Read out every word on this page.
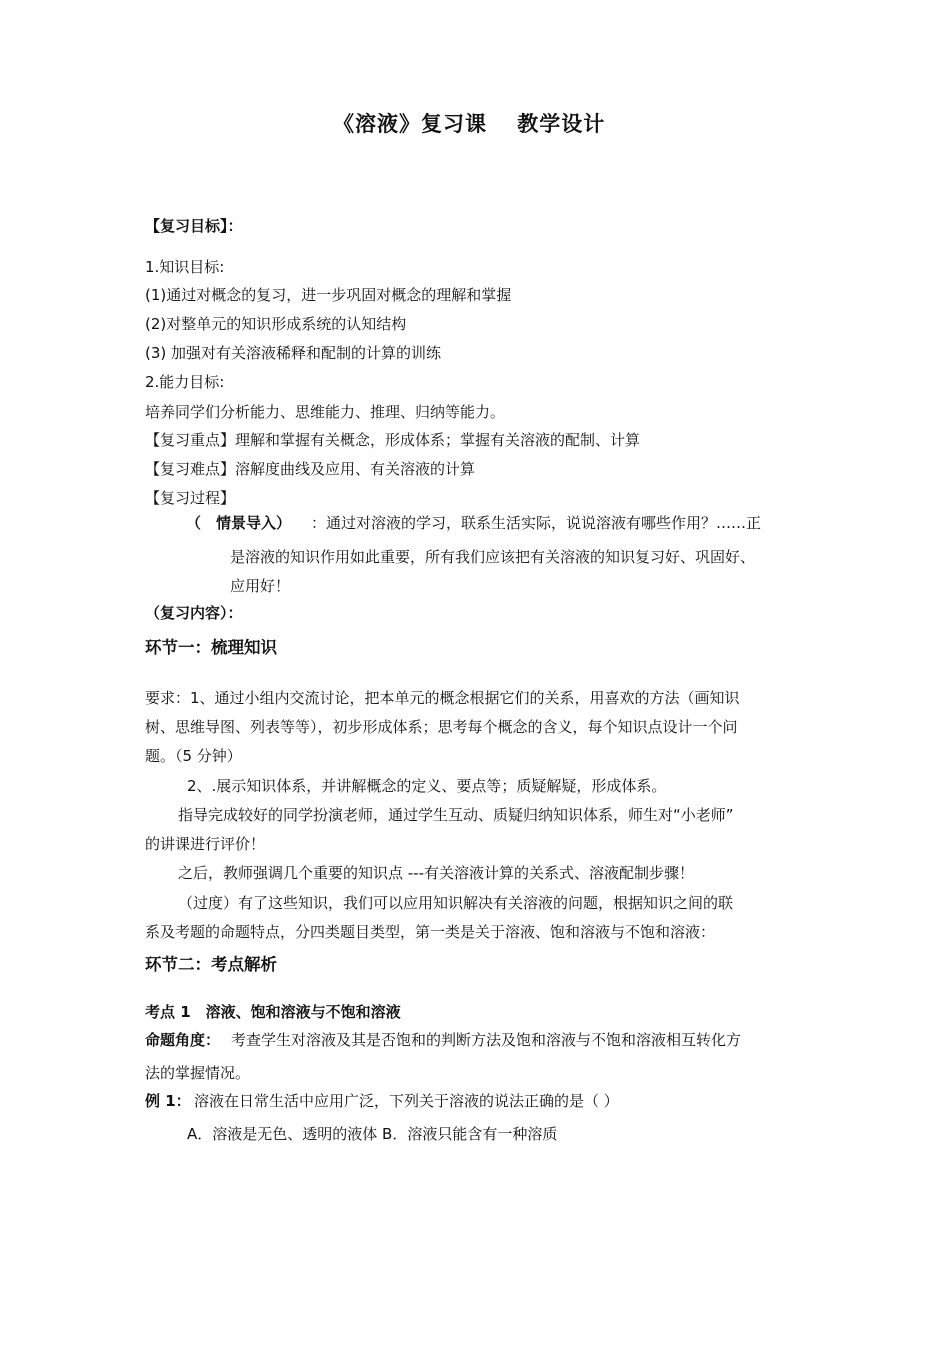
《溶液》复习课　 教学设计
【复习目标】：
1.知识目标:
(1)通过对概念的复习，进一步巩固对概念的理解和掌握
(2)对整单元的知识形成系统的认知结构
(3) 加强对有关溶液稀释和配制的计算的训练
2.能力目标:
培养同学们分析能力、思维能力、推理、归纳等能力。
【复习重点】理解和掌握有关概念，形成体系；掌握有关溶液的配制、计算
【复习难点】溶解度曲线及应用、有关溶液的计算
【复习过程】
（　情景导入） ：通过对溶液的学习，联系生活实际，说说溶液有哪些作用？……正
是溶液的知识作用如此重要，所有我们应该把有关溶液的知识复习好、巩固好、
应用好！
（复习内容）：
环节一：梳理知识
要求：1、通过小组内交流讨论，把本单元的概念根据它们的关系，用喜欢的方法（画知识
树、思维导图、列表等等），初步形成体系；思考每个概念的含义，每个知识点设计一个问
题。（5 分钟）
2、.展示知识体系，并讲解概念的定义、要点等；质疑解疑，形成体系。
指导完成较好的同学扮演老师，通过学生互动、质疑归纳知识体系，师生对“小老师”
的讲课进行评价！
之后，教师强调几个重要的知识点 ---有关溶液计算的关系式、溶液配制步骤！
（过度）有了这些知识，我们可以应用知识解决有关溶液的问题，根据知识之间的联
系及考题的命题特点，分四类题目类型，第一类是关于溶液、饱和溶液与不饱和溶液：
环节二：考点解析
考点 1　溶液、饱和溶液与不饱和溶液
命题角度： 考查学生对溶液及其是否饱和的判断方法及饱和溶液与不饱和溶液相互转化方
法的掌握情况。
例 1： 溶液在日常生活中应用广泛，下列关于溶液的说法正确的是（ ）
A．溶液是无色、透明的液体 B．溶液只能含有一种溶质
